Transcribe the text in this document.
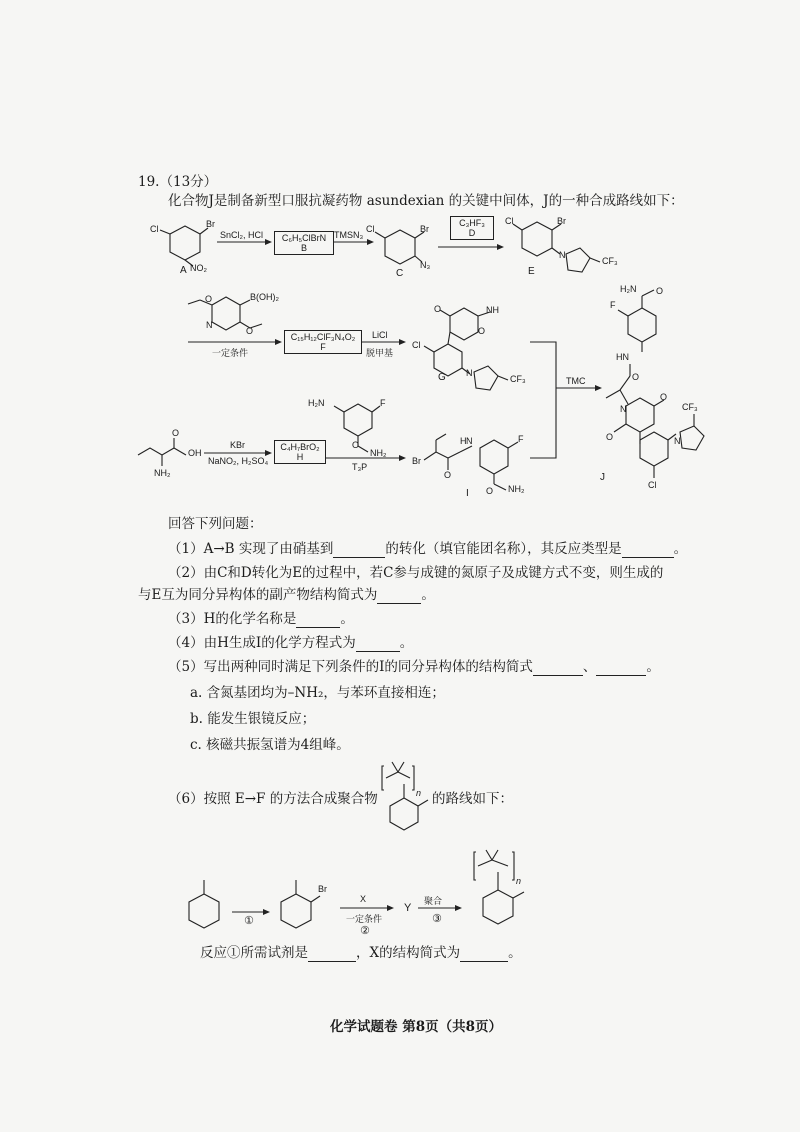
19.（13分）
化合物J是制备新型口服抗凝药物 asundexian 的关键中间体，J的一种合成路线如下：
Cl	Br
NO₂
A
SnCl₂, HCl	C₆H₅ClBrN
B
TMSN₃
Cl	Br
N₃
C
C₃HF₃
D
Cl	Br
N
CF₃
E
B(OH)₂
O
N
O
一定条件
C₁₅H₁₂ClF₃N₄O₂
F
LiCl
脱甲基
O	NH
O
Cl
N
CF₃
G
H₂N O
F
HN
O
O
N	CF₃
N
O
Cl
J
TMC
O
OH
NH₂
KBr
NaNO₂, H₂SO₄
C₄H₇BrO₂
H
H₂N	F
NH₂
O
T₃P
Br
O
H N	F
NH₂
O
I
回答下列问题：
（1）A→B 实现了由硝基到	的转化（填官能团名称），其反应类型是	。
（2）由C和D转化为E的过程中，若C参与成键的氮原子及成键方式不变，则生成的
与E互为同分异构体的副产物结构简式为	。
（3）H的化学名称是	。
（4）由H生成I的化学方程式为	。
（5）写出两种同时满足下列条件的I的同分异构体的结构简式	、	。
a. 含氮基团均为–NH₂，与苯环直接相连；
b. 能发生银镜反应；
c. 核磁共振氢谱为4组峰。
（6）按照 E→F 的方法合成聚合物	n 的路线如下：
①
Br
X
一定条件
②
Y
聚合
③
n
反应①所需试剂是	，X的结构简式为	。
化学试题卷 第8页（共8页）
